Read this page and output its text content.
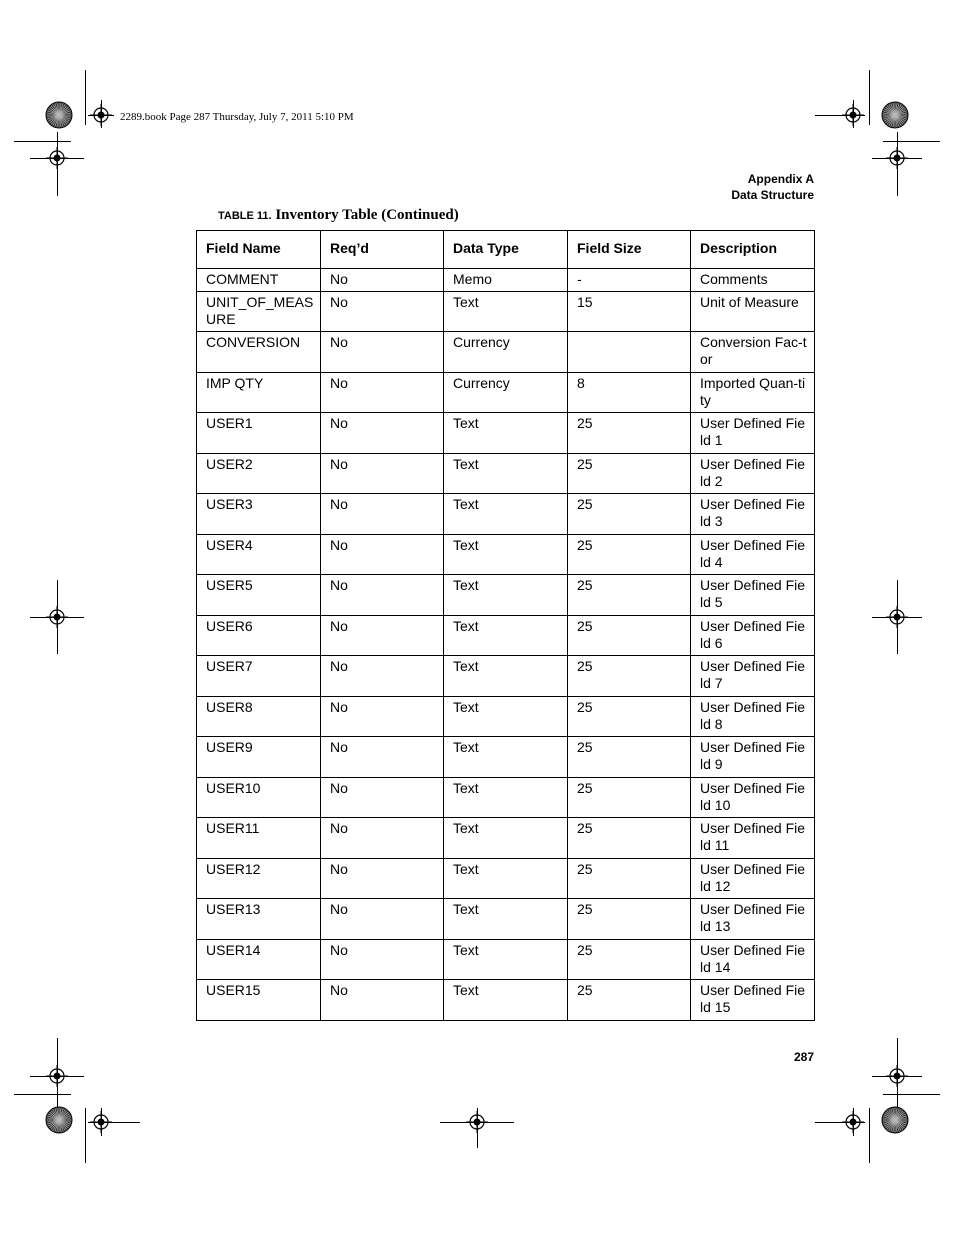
2289.book Page 287 Thursday, July 7, 2011 5:10 PM
Appendix A
Data Structure
TABLE 11. Inventory Table (Continued)
Field Name	Req’d	Data Type	Field Size	Description
COMMENT	No	Memo	-	Comments
UNIT_OF_MEASURE	No	Text	15	Unit of Measure
CONVERSION	No	Currency		Conversion Fac-tor
IMP QTY	No	Currency	8	Imported Quan-tity
USER1	No	Text	25	User Defined Field 1
USER2	No	Text	25	User Defined Field 2
USER3	No	Text	25	User Defined Field 3
USER4	No	Text	25	User Defined Field 4
USER5	No	Text	25	User Defined Field 5
USER6	No	Text	25	User Defined Field 6
USER7	No	Text	25	User Defined Field 7
USER8	No	Text	25	User Defined Field 8
USER9	No	Text	25	User Defined Field 9
USER10	No	Text	25	User Defined Field 10
USER11	No	Text	25	User Defined Field 11
USER12	No	Text	25	User Defined Field 12
USER13	No	Text	25	User Defined Field 13
USER14	No	Text	25	User Defined Field 14
USER15	No	Text	25	User Defined Field 15
287
